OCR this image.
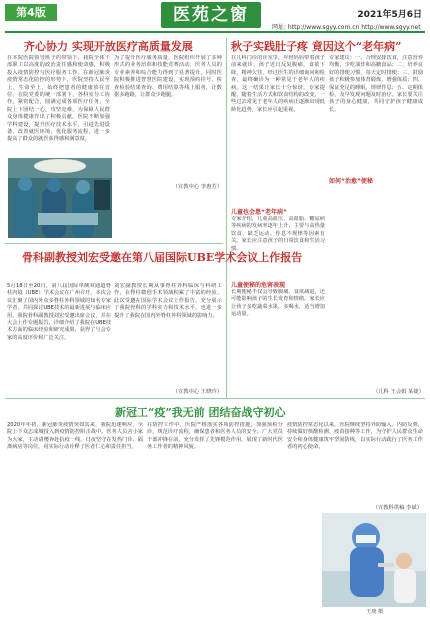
第4版	医苑之窗
网址: http://www.sgyy.com.cn http://www.sgyy.net
2021年5月6日
齐心协力 实现开放医疗高质量发展
在本院医院领导班子的带领下，我院全体干部职工以高度的政治责任感和使命感，积极投入疫情防控与医疗服务工作。在新冠肺炎疫情常态化防控的形势下，医院坚持人民至上、生命至上，始终把患者的健康放在首位。在院党委的统一部署下，各科室分工协作，紧密配合，圆满完成各项医疗任务。全院上下团结一心，攻坚克难，为保障人民群众身体健康作出了积极贡献。医院不断加强学科建设，提升医疗技术水平，引进先进设备，改善就医环境，优化服务流程，进一步提高了群众的就医获得感和满意度。
为了提升医疗服务质量，医院组织开展了多种形式的业务培训和技能竞赛活动，医务人员的专业素养和综合能力得到了显著提升。同时医院积极推进智慧医院建设，实现预约挂号、检查检验结果查询、费用结算等线上服务，让数据多跑路，让群众少跑腿。
（宣教中心 李惠芳）
骨科副教授刘宏受邀在第八届国际UBE学术会议上作报告
5月18日至20日，第八届国际单侧双通道脊柱内镜（UBE）学术会议在广州召开。本次会议汇聚了国内外众多脊柱外科领域的知名专家学者，共同探讨UBE技术的最新进展与临床应用。我院骨科副教授刘宏受邀出席会议，并在大会上作专题报告，详细介绍了我院在UBE技术方面的临床经验和研究成果，获得了与会专家的高度评价和广泛关注。
刘宏副教授长期从事脊柱外科临床与科研工作，在脊柱微创手术领域积累了丰富的经验。此次受邀在国际学术会议上作报告，充分展示了我院骨科的学科实力和技术水平，也进一步提升了我院在国内外脊柱外科领域的影响力。
（宣教中心 王晓玲）
秋子实践肚子疼 竟因这个“老年病”
在儿科门诊的诊室里，年轻妈妈带着孩子前来就诊，孩子近日反复腹痛，食欲下降，精神欠佳。经过医生的详细询问和检查，最终确诊为一种常见于老年人的疾病。这一结果让家长十分惊讶。专家提醒，随着生活方式和饮食结构的改变，一些过去常见于老年人的疾病正逐渐出现低龄化趋势，家长应引起重视。
儿童也会患“老年病”
专家介绍，儿童高血压、高血脂、糖尿病等疾病的发病率逐年上升，主要与高热量饮食、缺乏运动、作息不规律等因素有关。家长应注意孩子的日常饮食和生活习惯。
儿童便秘的危害表现
长期便秘不仅会导致腹痛、食欲减退，还可能影响孩子的生长发育和情绪。家长应让孩子多吃蔬菜水果，多喝水，适当增加运动量。
专家建议：一、合理安排饮食，注意营养均衡，少吃油炸和高糖食品；二、培养良好的排便习惯，每天定时排便；三、鼓励孩子积极参加体育锻炼，增强体质；四、保证充足的睡眠，规律作息；五、定期体检，及早发现问题及时治疗。家长要关注孩子的身心健康，共同守护孩子健康成长。
如何“治愈”便秘
（儿科 王会娟 某婕）
新冠工“疫”我无前 团结奋战守初心
2020年年初，新冠肺炎疫情突如其来，我院迅速响应，全院上下众志成城投入到疫情防控阻击战中。医务人员舍小家为大家，主动请缨奔赴抗疫一线，日夜坚守在发热门诊、隔离病房等岗位，用实际行动诠释了医者仁心和责任担当。
在防控工作中，医院严格落实各项防控措施，加强预检分诊，规范诊疗流程，确保患者和医务人员的安全。广大党员干部冲锋在前，充分发挥了先锋模范作用，展现了新时代医务工作者的精神风貌。
疫情防控常态化以来，医院继续坚持外防输入、内防反弹，持续做好核酸检测、疫苗接种等工作，为守护人民群众生命安全和身体健康筑牢坚固防线，以实际行动践行了医务工作者的初心使命。
（宣教科供稿 李斌）
王琰 摄
